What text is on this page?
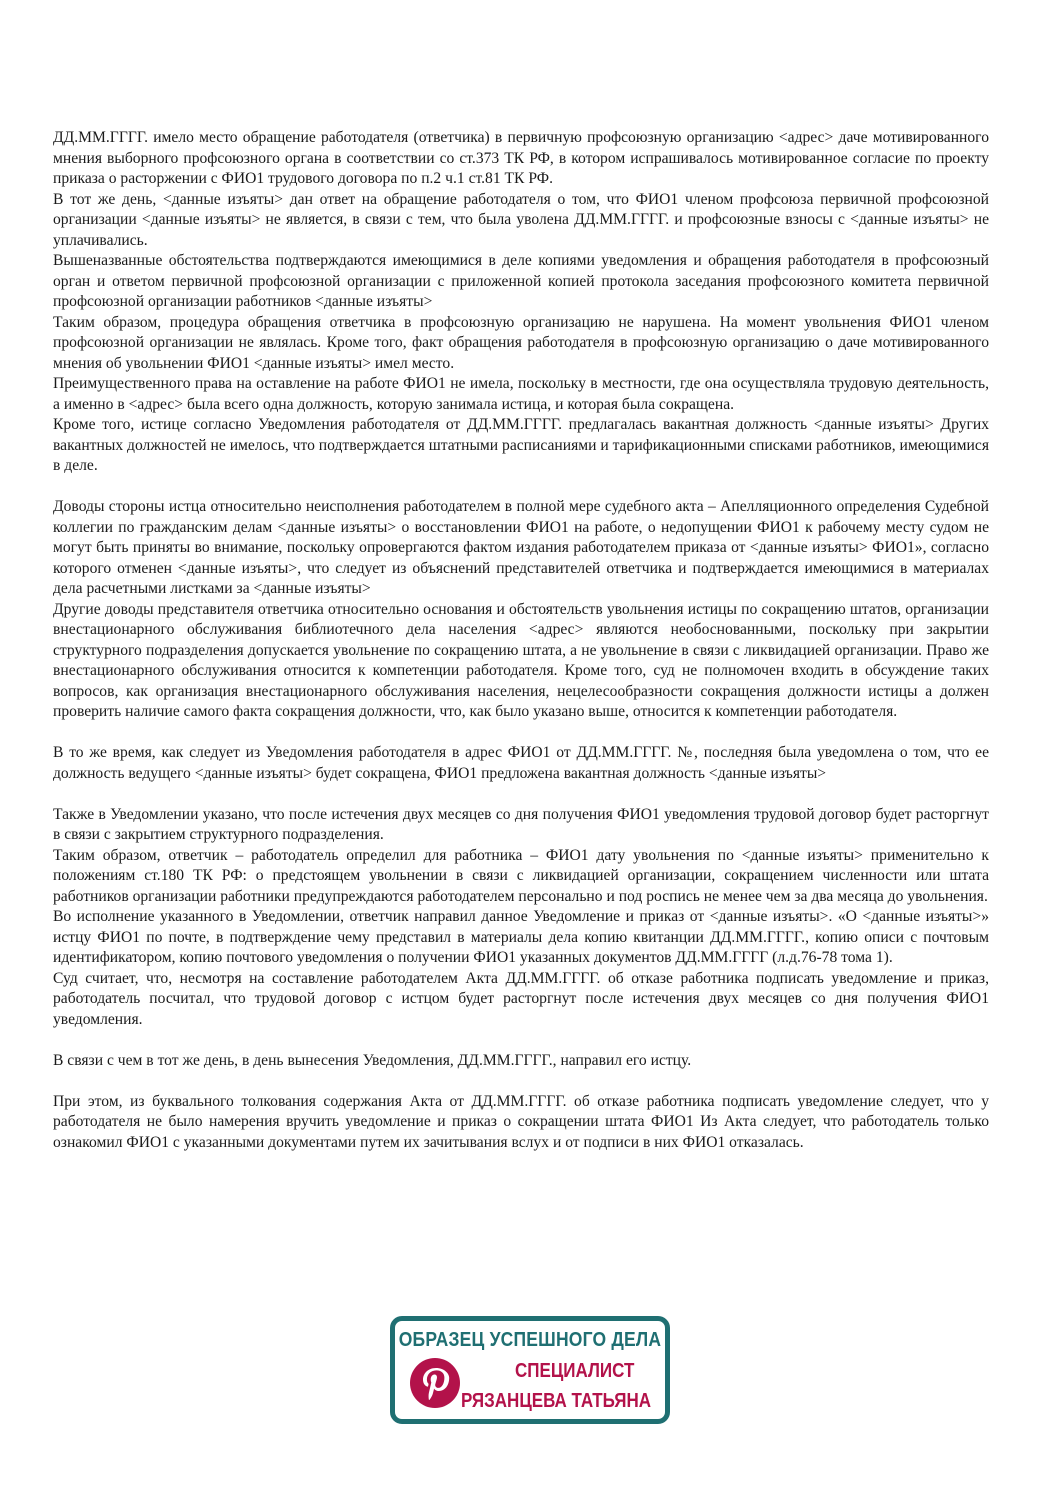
ДД.ММ.ГГГГ. имело место обращение работодателя (ответчика) в первичную профсоюзную организацию <адрес> даче мотивированного мнения выборного профсоюзного органа в соответствии со ст.373 ТК РФ, в котором испрашивалось мотивированное согласие по проекту приказа о расторжении с ФИО1 трудового договора по п.2 ч.1 ст.81 ТК РФ.

В тот же день, <данные изъяты> дан ответ на обращение работодателя о том, что ФИО1 членом профсоюза первичной профсоюзной организации <данные изъяты> не является, в связи с тем, что была уволена ДД.ММ.ГГГГ. и профсоюзные взносы с <данные изъяты> не уплачивались.

Вышеназванные обстоятельства подтверждаются имеющимися в деле копиями уведомления и обращения работодателя в профсоюзный орган и ответом первичной профсоюзной организации с приложенной копией протокола заседания профсоюзного комитета первичной профсоюзной организации работников <данные изъяты>

Таким образом, процедура обращения ответчика в профсоюзную организацию не нарушена. На момент увольнения ФИО1 членом профсоюзной организации не являлась. Кроме того, факт обращения работодателя в профсоюзную организацию о даче мотивированного мнения об увольнении ФИО1 <данные изъяты> имел место.

Преимущественного права на оставление на работе ФИО1 не имела, поскольку в местности, где она осуществляла трудовую деятельность, а именно в <адрес> была всего одна должность, которую занимала истица, и которая была сокращена.

Кроме того, истице согласно Уведомления работодателя от ДД.ММ.ГГГГ. предлагалась вакантная должность <данные изъяты> Других вакантных должностей не имелось, что подтверждается штатными расписаниями и тарификационными списками работников, имеющимися в деле.

Доводы стороны истца относительно неисполнения работодателем в полной мере судебного акта – Апелляционного определения Судебной коллегии по гражданским делам <данные изъяты> о восстановлении ФИО1 на работе, о недопущении ФИО1 к рабочему месту судом не могут быть приняты во внимание, поскольку опровергаются фактом издания работодателем приказа от <данные изъяты> ФИО1», согласно которого отменен <данные изъяты>, что следует из объяснений представителей ответчика и подтверждается имеющимися в материалах дела расчетными листками за <данные изъяты>

Другие доводы представителя ответчика относительно основания и обстоятельств увольнения истицы по сокращению штатов, организации внестационарного обслуживания библиотечного дела населения <адрес> являются необоснованными, поскольку при закрытии структурного подразделения допускается увольнение по сокращению штата, а не увольнение в связи с ликвидацией организации. Право же внестационарного обслуживания относится к компетенции работодателя. Кроме того, суд не полномочен входить в обсуждение таких вопросов, как организация внестационарного обслуживания населения, нецелесообразности сокращения должности истицы а должен проверить наличие самого факта сокращения должности, что, как было указано выше, относится к компетенции работодателя.

В то же время, как следует из Уведомления работодателя в адрес ФИО1 от ДД.ММ.ГГГГ. №, последняя была уведомлена о том, что ее должность ведущего <данные изъяты> будет сокращена, ФИО1 предложена вакантная должность <данные изъяты>

Также в Уведомлении указано, что после истечения двух месяцев со дня получения ФИО1 уведомления трудовой договор будет расторгнут в связи с закрытием структурного подразделения.

Таким образом, ответчик – работодатель определил для работника – ФИО1 дату увольнения по <данные изъяты> применительно к положениям ст.180 ТК РФ: о предстоящем увольнении в связи с ликвидацией организации, сокращением численности или штата работников организации работники предупреждаются работодателем персонально и под роспись не менее чем за два месяца до увольнения.

Во исполнение указанного в Уведомлении, ответчик направил данное Уведомление и приказ от <данные изъяты>. «О <данные изъяты>» истцу ФИО1 по почте, в подтверждение чему представил в материалы дела копию квитанции ДД.ММ.ГГГГ., копию описи с почтовым идентификатором, копию почтового уведомления о получении ФИО1 указанных документов ДД.ММ.ГГГГ (л.д.76-78 тома 1).

Суд считает, что, несмотря на составление работодателем Акта ДД.ММ.ГГГГ. об отказе работника подписать уведомление и приказ, работодатель посчитал, что трудовой договор с истцом будет расторгнут после истечения двух месяцев со дня получения ФИО1 уведомления.

В связи с чем в тот же день, в день вынесения Уведомления, ДД.ММ.ГГГГ., направил его истцу.

При этом, из буквального толкования содержания Акта от ДД.ММ.ГГГГ. об отказе работника подписать уведомление следует, что у работодателя не было намерения вручить уведомление и приказ о сокращении штата ФИО1 Из Акта следует, что работодатель только ознакомил ФИО1 с указанными документами путем их зачитывания вслух и от подписи в них ФИО1 отказалась.

ОБРАЗЕЦ УСПЕШНОГО ДЕЛА
СПЕЦИАЛИСТ
РЯЗАНЦЕВА ТАТЬЯНА
